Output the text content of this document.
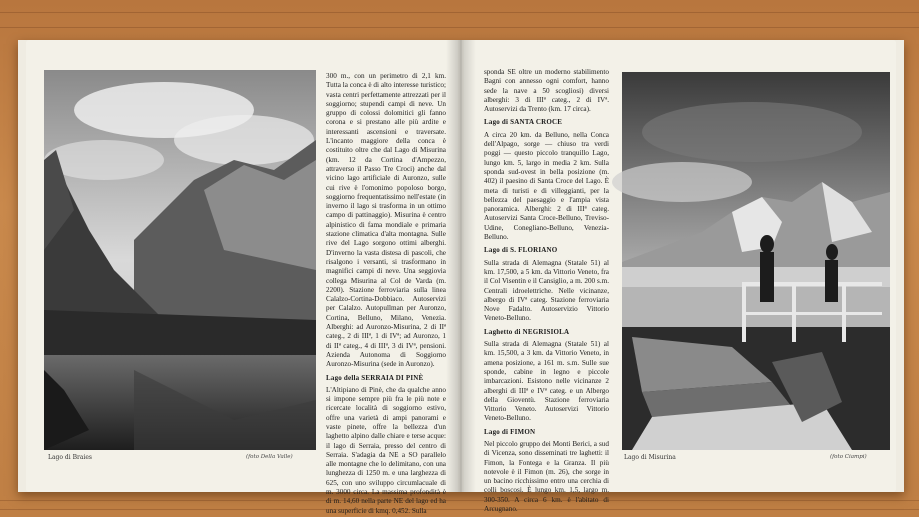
Lago di Braies	(foto Della Valle)

300 m., con un perimetro di 2,1 km. Tutta la conca è di alto interesse turistico; vasta centri perfettamente attrezzati per il soggiorno; stupendi campi di neve. Un gruppo di colossi dolomitici gli fanno corona e si prestano alle più ardite e interessanti ascensioni e traversate. L'incanto maggiore della conca è costituito oltre che dal Lago di Misurina (km. 12 da Cortina d'Ampezzo, attraverso il Passo Tre Croci) anche dal vicino lago artificiale di Auronzo, sulle cui rive è l'omonimo popoloso borgo, soggiorno frequentatissimo nell'estate (in inverno il lago si trasforma in un ottimo campo di pattinaggio). Misurina è centro alpinistico di fama mondiale e primaria stazione climatica d'alta montagna. Sulle rive del Lago sorgono ottimi alberghi. D'inverno la vasta distesa di pascoli, che risalgono i versanti, si trasformano in magnifici campi di neve. Una seggiovia collega Misurina al Col de Varda (m. 2200). Stazione ferroviaria sulla linea Calalzo-Cortina-Dobbiaco. Autoservizi per Calalzo. Autopullman per Auronzo, Cortina, Belluno, Milano, Venezia. Alberghi: ad Auronzo-Misurina, 2 di IIª categ., 2 di IIIª, 1 di IVª; ad Auronzo, 1 di IIª categ., 4 di IIIª, 3 di IVª, pensioni. Azienda Autonoma di Soggiorno Auronzo-Misurina (sede in Auronzo).

Lago della SERRAIA DI PINÈ

L'Altipiano di Pinè, che da qualche anno si impone sempre più fra le più note e ricercate località di soggiorno estivo, offre una varietà di ampi panorami e vaste pinete, offre la bellezza d'un laghetto alpino dalle chiare e terse acque: il lago di Serraia, presso del centro di Serraia. S'adagia da NE a SO parallelo alle montagne che lo delimitano, con una lunghezza di 1250 m. e una larghezza di 625, con uno sviluppo circumlacuale di m. 3000 circa. La massima profondità è di m. 14,60 nella parte NE del lago ed ha una superficie di kmq. 0,452. Sulla

sponda SE oltre un moderno stabilimento Bagni con annesso ogni comfort, hanno sede la nave a 50 scogliosi) diversi alberghi: 3 di IIIª categ., 2 di IVª. Autoservizi da Trento (km. 17 circa).

Lago di SANTA CROCE

A circa 20 km. da Belluno, nella Conca dell'Alpago, sorge — chiuso tra verdi poggi — questo piccolo tranquillo Lago, lungo km. 5, largo in media 2 km. Sulla sponda sud-ovest in bella posizione (m. 402) il paesino di Santa Croce del Lago. È meta di turisti e di villeggianti, per la bellezza del paesaggio e l'ampia vista panoramica. Alberghi: 2 di IIIª categ. Autoservizi Santa Croce-Belluno, Treviso-Udine, Conegliano-Belluno, Venezia-Belluno.

Lago di S. FLORIANO

Sulla strada di Alemagna (Statale 51) al km. 17,500, a 5 km. da Vittorio Veneto, fra il Col Visentin e il Cansiglio, a m. 200 s.m. Centrali idroelettriche. Nelle vicinanze, albergo di IVª categ. Stazione ferroviaria Nove Fadalto. Autoservizio Vittorio Veneto-Belluno.

Laghetto di NEGRISIOLA

Sulla strada di Alemagna (Statale 51) al km. 15,500, a 3 km. da Vittorio Veneto, in amena posizione, a 161 m. s.m. Sulle sue sponde, cabine in legno e piccole imbarcazioni. Esistono nelle vicinanze 2 alberghi di IIIª e IVª categ. e un Albergo della Gioventù. Stazione ferroviaria Vittorio Veneto. Autoservizi Vittorio Veneto-Belluno.

Lago di FIMON

Nel piccolo gruppo dei Monti Berici, a sud di Vicenza, sono disseminati tre laghetti: il Fimon, la Fontega e la Granza. Il più notevole è il Fimon (m. 26), che sorge in un bacino ricchissimo entro una cerchia di colli boscosi. È lungo km. 1,5, largo m. 300-350. A circa 6 km. è l'abitato di Arcugnano.

Lago di Misurina	(foto Ciampi)
